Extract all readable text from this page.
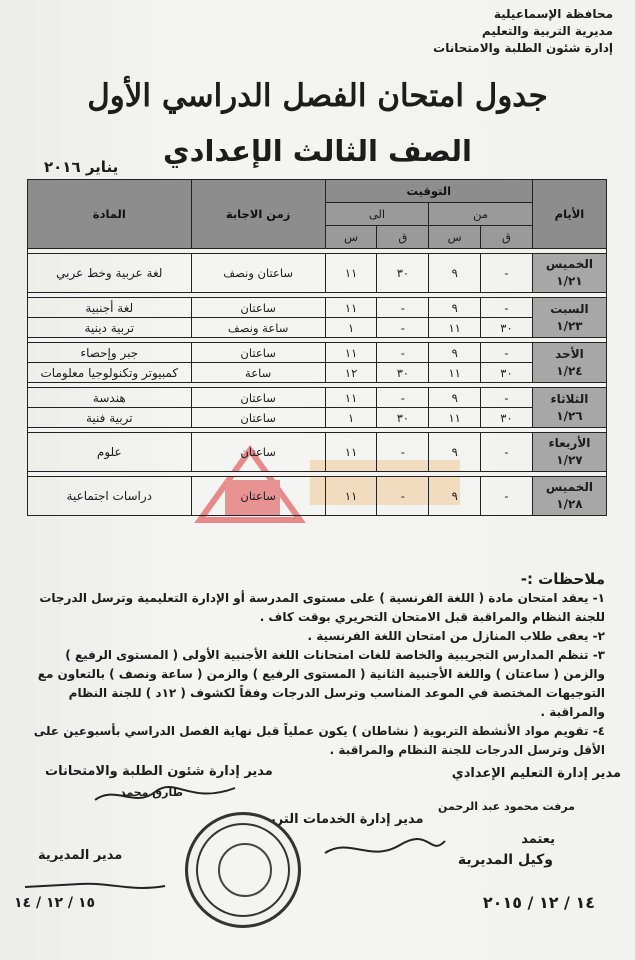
محافظة الإسماعيلية
مديرية التربية والتعليم
إدارة شئون الطلبة والامتحانات
جدول امتحان الفصل الدراسي الأول
الصف الثالث الإعدادي
يناير ٢٠١٦
الأيام	التوقيت				زمن الاجابة	المادة
	من		الى			
	ق	س	ق	س		

الخميس
١/٢١	-	٩	٣٠	١١	ساعتان ونصف	لغة عربية وخط عربي

السبت
١/٢٣	-	٩	-	١١	ساعتان	لغة أجنبية
	٣٠	١١	-	١	ساعة ونصف	تربية دينية

الأحد
١/٢٤	-	٩	-	١١	ساعتان	جبر وإحصاء
	٣٠	١١	٣٠	١٢	ساعة	كمبيوتر وتكنولوجيا معلومات

الثلاثاء
١/٢٦	-	٩	-	١١	ساعتان	هندسة
	٣٠	١١	٣٠	١	ساعتان	تربية فنية

الأربعاء
١/٢٧	-	٩	-	١١	ساعتان	علوم

الخميس
١/٢٨	-	٩	-	١١	ساعتان	دراسات اجتماعية
ملاحظات :-
١- يعقد امتحان مادة ( اللغة الفرنسية ) على مستوى المدرسة أو الإدارة التعليمية وترسل الدرجات للجنة النظام والمراقبة قبل الامتحان التحريري بوقت كاف .
٢- يعفى طلاب المنازل من امتحان اللغة الفرنسية .
٣- تنظم المدارس التجريبية والخاصة للغات امتحانات اللغة الأجنبية الأولى ( المستوى الرفيع ) والزمن ( ساعتان ) واللغة الأجنبية الثانية ( المستوى الرفيع ) والزمن ( ساعة ونصف ) بالتعاون مع التوجيهات المختصة في الموعد المناسب وترسل الدرجات وفقاً لكشوف ( ١٢د ) للجنة النظام والمراقبة .
٤- تقويم مواد الأنشطة التربوية ( نشاطان ) يكون عملياً قبل نهاية الفصل الدراسي بأسبوعين على الأقل وترسل الدرجات للجنة النظام والمراقبة .
مدير إدارة شئون الطلبة والامتحانات
طارق محمد
مدير إدارة التعليم الإعدادي
مرفت محمود عبد الرحمن
مدير إدارة الخدمات التربوية
مدير المديرية
يعتمد
وكيل المديرية
١٥ / ١٢ / ١٤	١٤ / ١٢ / ٢٠١٥
